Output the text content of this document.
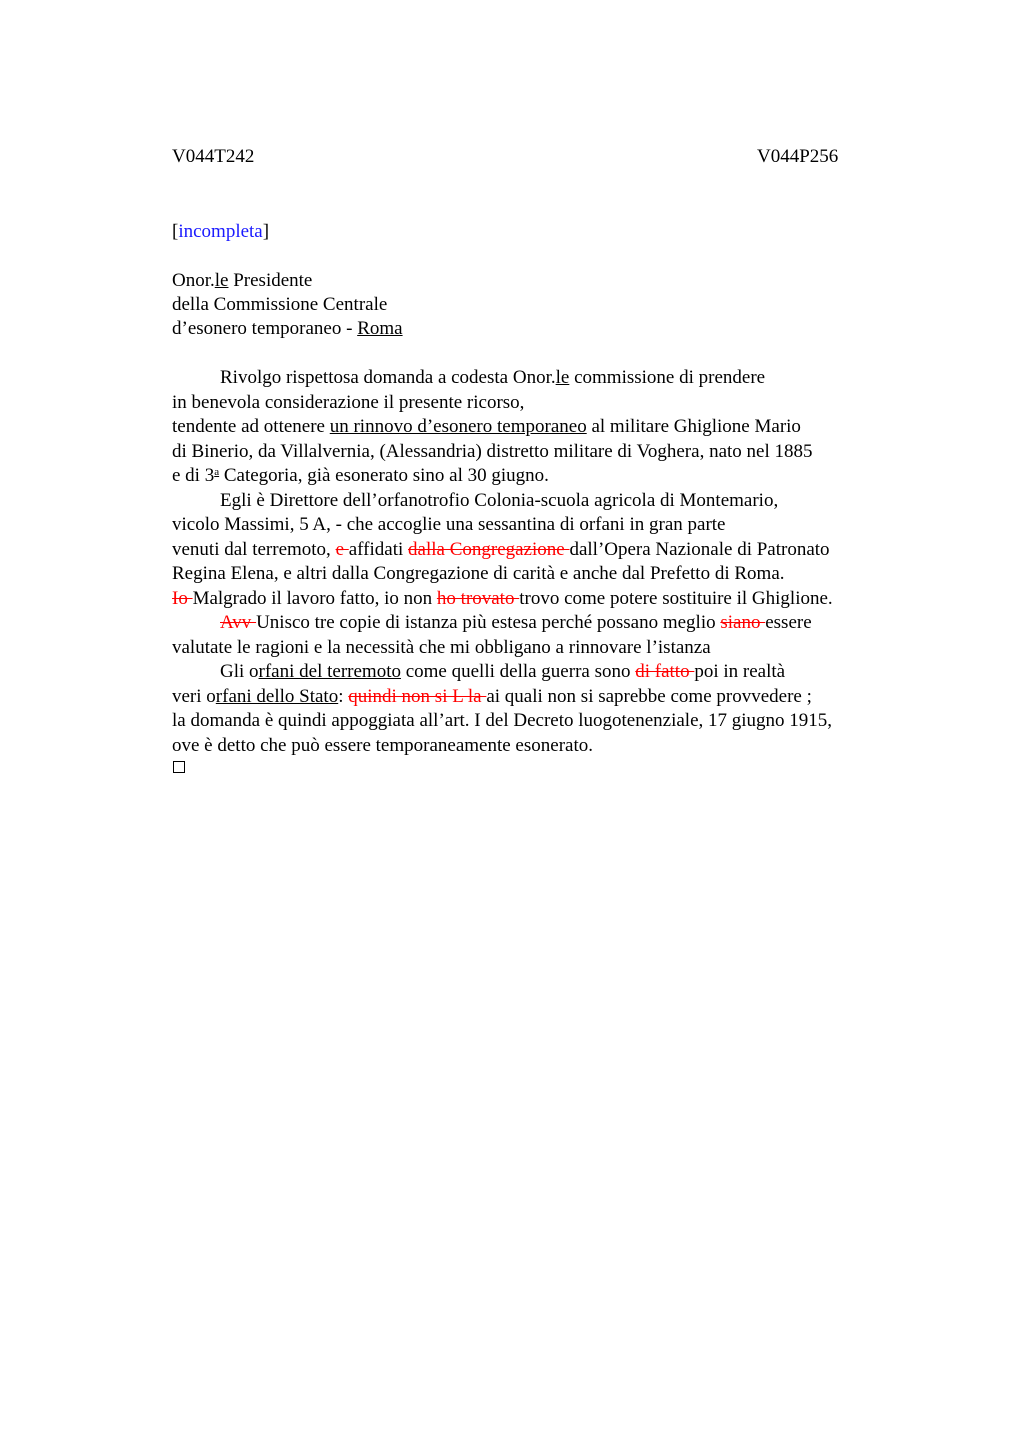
V044T242	V044P256
[incompleta]
Onor.le Presidente
della Commissione Centrale
d’esonero temporaneo - Roma
Rivolgo rispettosa domanda a codesta Onor.le commissione di prendere
in benevola considerazione il presente ricorso,
tendente ad ottenere un rinnovo d’esonero temporaneo al militare Ghiglione Mario
di Binerio, da Villalvernia, (Alessandria) distretto militare di Voghera, nato nel 1885
e di 3$^a$ Categoria, già esonerato sino al 30 giugno.
Egli è Direttore dell’orfanotrofio Colonia-scuola agricola di Montemario,
vicolo Massimi, 5 A, - che accoglie una sessantina di orfani in gran parte
venuti dal terremoto, e affidati dalla Congregazione dall’Opera Nazionale di Patronato
Regina Elena, e altri dalla Congregazione di carità e anche dal Prefetto di Roma.
Io Malgrado il lavoro fatto, io non ho trovato trovo come potere sostituire il Ghiglione.
Avv Unisco tre copie di istanza più estesa perché possano meglio siano essere
valutate le ragioni e la necessità che mi obbligano a rinnovare l’istanza
Gli orfani del terremoto come quelli della guerra sono di fatto poi in realtà
veri orfani dello Stato: quindi non si L la ai quali non si saprebbe come provvedere ;
la domanda è quindi appoggiata all’art. I del Decreto luogotenenziale, 17 giugno 1915,
ove è detto che può essere temporaneamente esonerato.
